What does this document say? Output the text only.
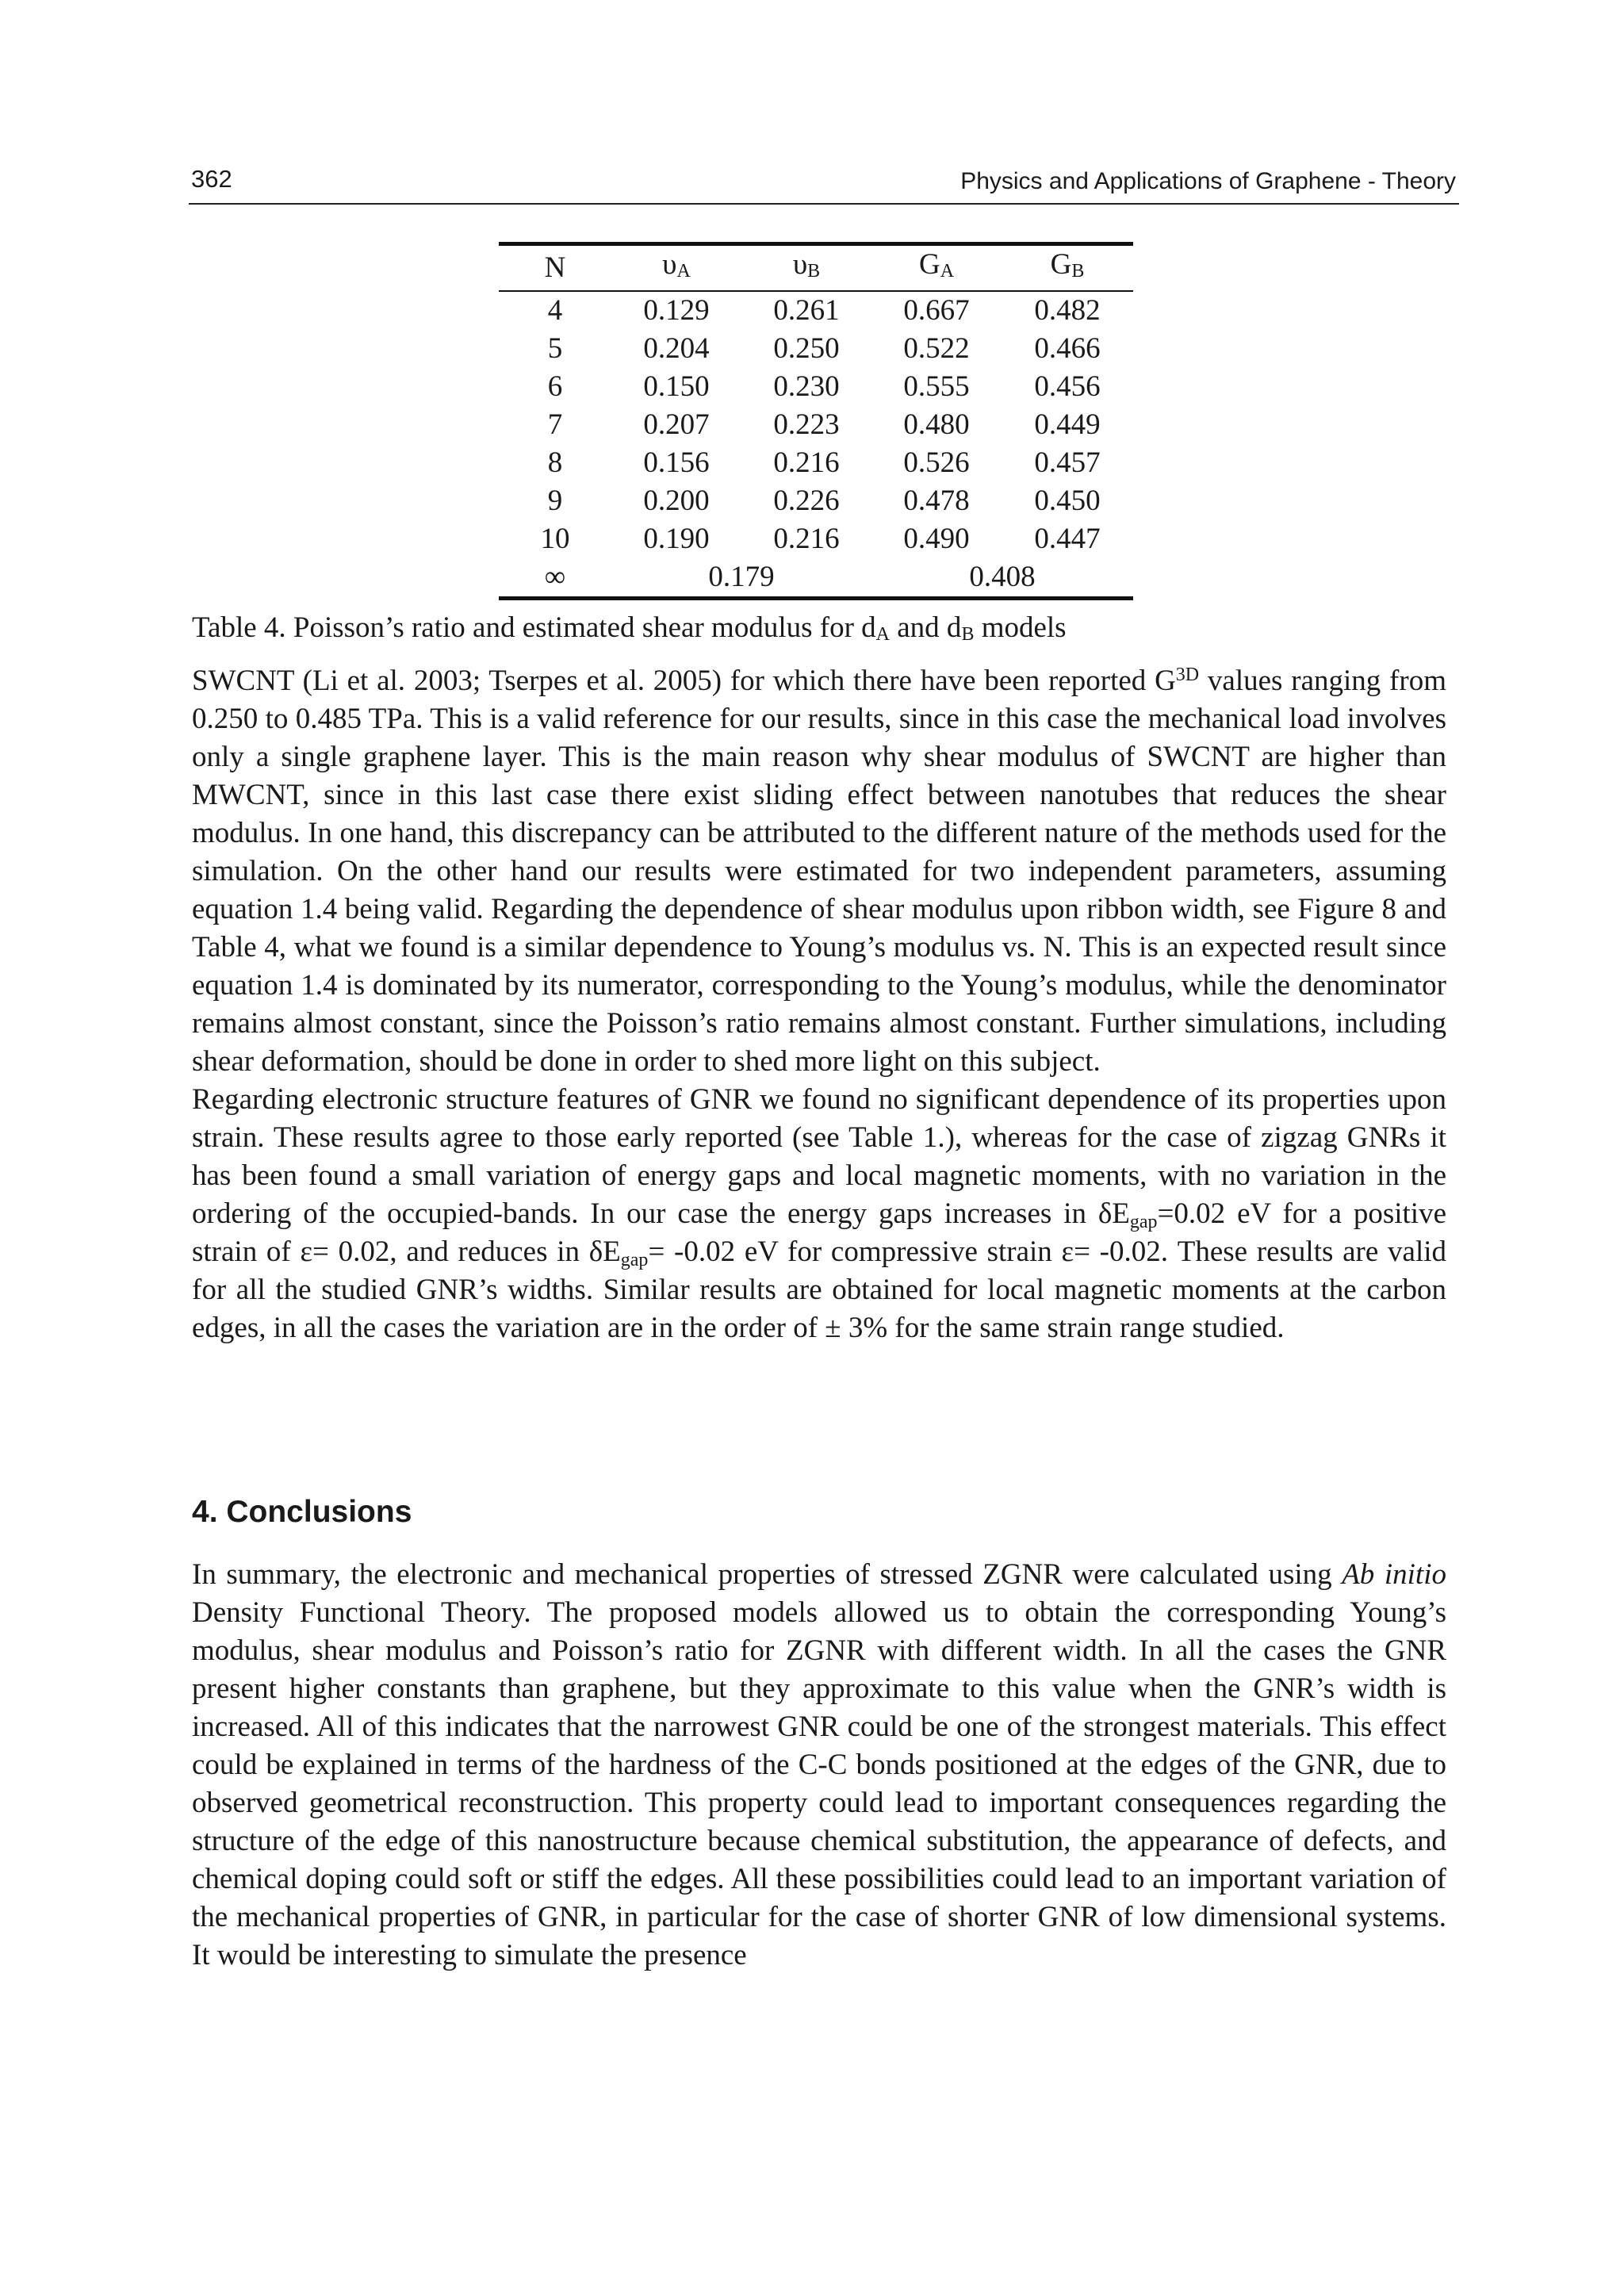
362	Physics and Applications of Graphene - Theory
N	$\upsilon_A$	$\upsilon_B$	$G_A$	$G_B$
4	0.129	0.261	0.667	0.482
5	0.204	0.250	0.522	0.466
6	0.150	0.230	0.555	0.456
7	0.207	0.223	0.480	0.449
8	0.156	0.216	0.526	0.457
9	0.200	0.226	0.478	0.450
10	0.190	0.216	0.490	0.447
∞	0.179		0.408	
Table 4. Poisson’s ratio and estimated shear modulus for $d_A$ and $d_B$ models

SWCNT (Li et al. 2003; Tserpes et al. 2005) for which there have been reported $G^{3D}$ values ranging from 0.250 to 0.485 TPa. This is a valid reference for our results, since in this case the mechanical load involves only a single graphene layer. This is the main reason why shear modulus of SWCNT are higher than MWCNT, since in this last case there exist sliding effect between nanotubes that reduces the shear modulus. In one hand, this discrepancy can be attributed to the different nature of the methods used for the simulation. On the other hand our results were estimated for two independent parameters, assuming equation 1.4 being valid. Regarding the dependence of shear modulus upon ribbon width, see Figure 8 and Table 4, what we found is a similar dependence to Young’s modulus vs. N. This is an expected result since equation 1.4 is dominated by its numerator, corresponding to the Young’s modulus, while the denominator remains almost constant, since the Poisson’s ratio remains almost constant. Further simulations, including shear deformation, should be done in order to shed more light on this subject.

Regarding electronic structure features of GNR we found no significant dependence of its properties upon strain. These results agree to those early reported (see Table 1.), whereas for the case of zigzag GNRs it has been found a small variation of energy gaps and local magnetic moments, with no variation in the ordering of the occupied-bands. In our case the energy gaps increases in $\delta E_{gap}=0.02$ eV for a positive strain of ε= 0.02, and reduces in $\delta E_{gap}= -0.02$ eV for compressive strain ε= -0.02. These results are valid for all the studied GNR’s widths. Similar results are obtained for local magnetic moments at the carbon edges, in all the cases the variation are in the order of ± 3% for the same strain range studied.

4. Conclusions

In summary, the electronic and mechanical properties of stressed ZGNR were calculated using Ab initio Density Functional Theory. The proposed models allowed us to obtain the corresponding Young’s modulus, shear modulus and Poisson’s ratio for ZGNR with different width. In all the cases the GNR present higher constants than graphene, but they approximate to this value when the GNR’s width is increased. All of this indicates that the narrowest GNR could be one of the strongest materials. This effect could be explained in terms of the hardness of the C-C bonds positioned at the edges of the GNR, due to observed geometrical reconstruction. This property could lead to important consequences regarding the structure of the edge of this nanostructure because chemical substitution, the appearance of defects, and chemical doping could soft or stiff the edges. All these possibilities could lead to an important variation of the mechanical properties of GNR, in particular for the case of shorter GNR of low dimensional systems. It would be interesting to simulate the presence
